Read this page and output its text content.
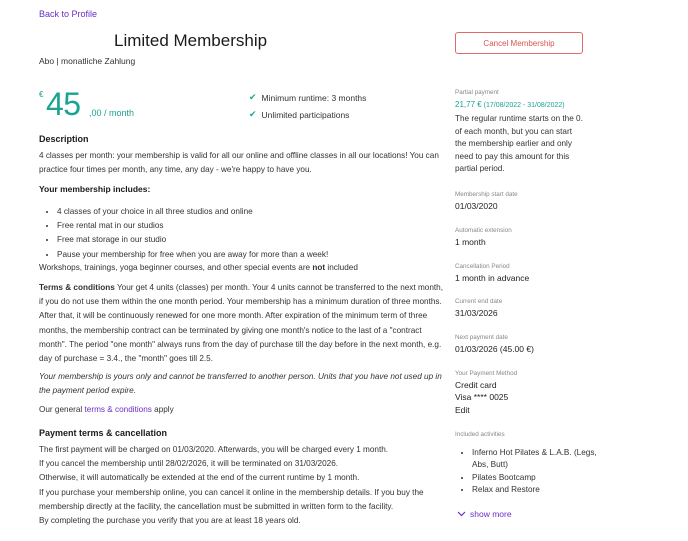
Back to Profile
Limited Membership
Abo | monatliche Zahlung
Cancel Membership
€ 45 ,00 / month
✔ Minimum runtime: 3 months
✔ Unlimited participations
Description
4 classes per month: your membership is valid for all our online and offline classes in all our locations! You can practice four times per month, any time, any day - we're happy to have you.
Your membership includes:
• 4 classes of your choice in all three studios and online
• Free rental mat in our studios
• Free mat storage in our studio
• Pause your membership for free when you are away for more than a week!
Workshops, trainings, yoga beginner courses, and other special events are not included
Terms & conditions Your get 4 units (classes) per month. Your 4 units cannot be transferred to the next month, if you do not use them within the one month period. Your membership has a minimum duration of three months. After that, it will be continuously renewed for one more month. After expiration of the minimum term of three months, the membership contract can be terminated by giving one month's notice to the last of a "contract month". The period "one month" always runs from the day of purchase till the day before in the next month, e.g. day of purchase = 3.4., the "month" goes till 2.5.
Your membership is yours only and cannot be transferred to another person. Units that you have not used up in the payment period expire.
Our general terms & conditions apply
Payment terms & cancellation
The first payment will be charged on 01/03/2020. Afterwards, you will be charged every 1 month.
If you cancel the membership until 28/02/2026, it will be terminated on 31/03/2026.
Otherwise, it will automatically be extended at the end of the current runtime by 1 month.
If you purchase your membership online, you can cancel it online in the membership details. If you buy the membership directly at the facility, the cancellation must be submitted in written form to the facility.
By completing the purchase you verify that you are at least 18 years old.
Partial payment
21,77 € (17/08/2022 - 31/08/2022)
The regular runtime starts on the 0. of each month, but you can start the membership earlier and only need to pay this amount for this partial period.
Membership start date
01/03/2020
Automatic extension
1 month
Cancellation Period
1 month in advance
Current end date
31/03/2026
Next payment date
01/03/2026 (45.00 €)
Your Payment Method
Credit card
Visa **** 0025
Edit
Included activities
• Inferno Hot Pilates & L.A.B. (Legs, Abs, Butt)
• Pilates Bootcamp
• Relax and Restore
show more
